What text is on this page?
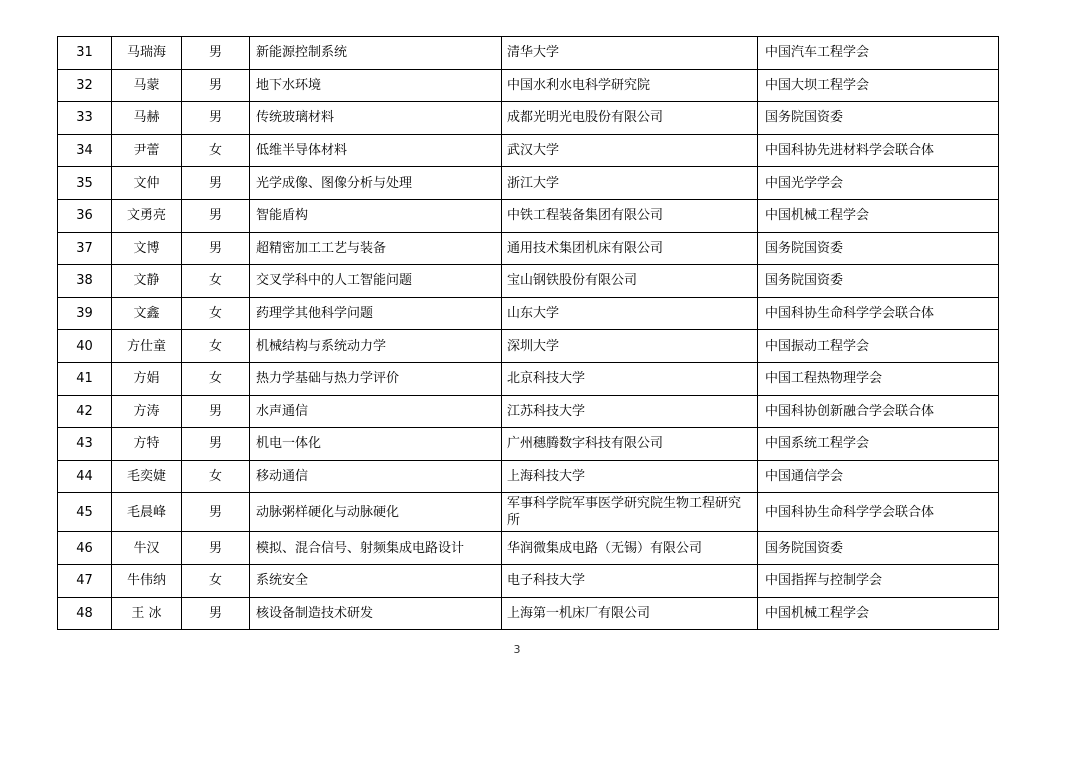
31	马瑞海	男	新能源控制系统	清华大学	中国汽车工程学会
32	马蒙	男	地下水环境	中国水利水电科学研究院	中国大坝工程学会
33	马赫	男	传统玻璃材料	成都光明光电股份有限公司	国务院国资委
34	尹蕾	女	低维半导体材料	武汉大学	中国科协先进材料学会联合体
35	文仲	男	光学成像、图像分析与处理	浙江大学	中国光学学会
36	文勇亮	男	智能盾构	中铁工程装备集团有限公司	中国机械工程学会
37	文博	男	超精密加工工艺与装备	通用技术集团机床有限公司	国务院国资委
38	文静	女	交叉学科中的人工智能问题	宝山钢铁股份有限公司	国务院国资委
39	文鑫	女	药理学其他科学问题	山东大学	中国科协生命科学学会联合体
40	方仕童	女	机械结构与系统动力学	深圳大学	中国振动工程学会
41	方娟	女	热力学基础与热力学评价	北京科技大学	中国工程热物理学会
42	方涛	男	水声通信	江苏科技大学	中国科协创新融合学会联合体
43	方特	男	机电一体化	广州穗腾数字科技有限公司	中国系统工程学会
44	毛奕婕	女	移动通信	上海科技大学	中国通信学会
45	毛晨峰	男	动脉粥样硬化与动脉硬化	军事科学院军事医学研究院生物工程研究所	中国科协生命科学学会联合体
46	牛汉	男	模拟、混合信号、射频集成电路设计	华润微集成电路（无锡）有限公司	国务院国资委
47	牛伟纳	女	系统安全	电子科技大学	中国指挥与控制学会
48	王 冰	男	核设备制造技术研发	上海第一机床厂有限公司	中国机械工程学会
3
